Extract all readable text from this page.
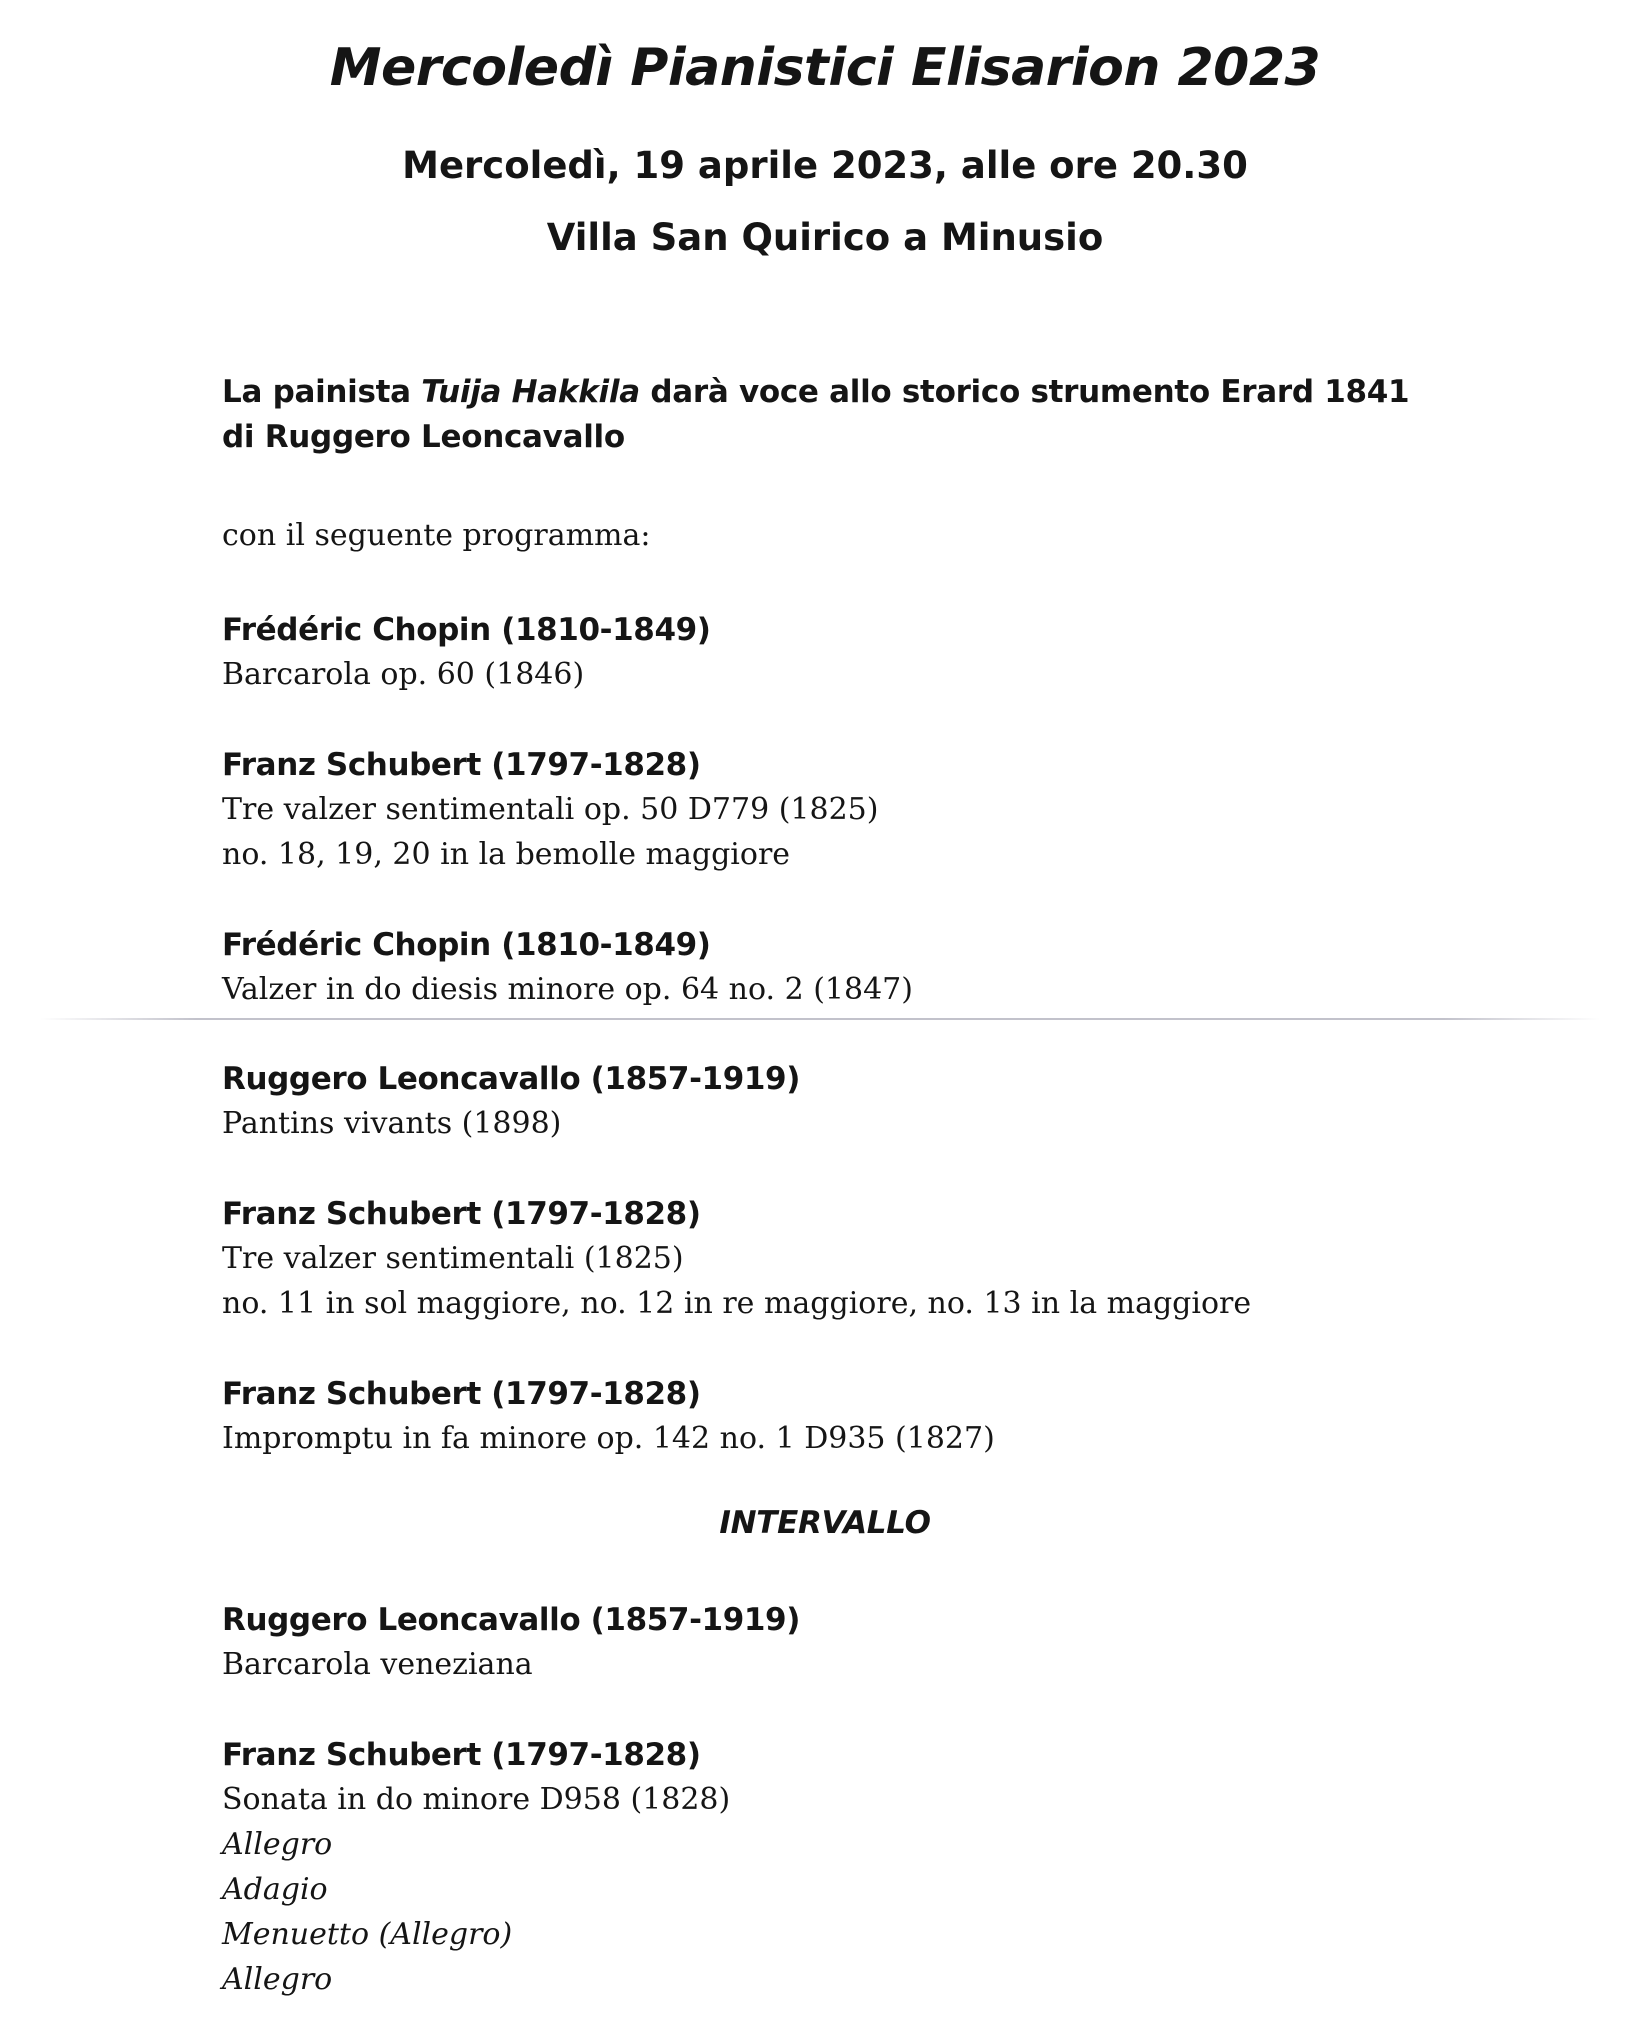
Mercoledì Pianistici Elisarion 2023
Mercoledì, 19 aprile 2023, alle ore 20.30
Villa San Quirico a Minusio
La painista Tuija Hakkila darà voce allo storico strumento Erard 1841
di Ruggero Leoncavallo
con il seguente programma:
Frédéric Chopin (1810-1849)
Barcarola op. 60 (1846)
Franz Schubert (1797-1828)
Tre valzer sentimentali op. 50 D779 (1825)
no. 18, 19, 20 in la bemolle maggiore
Frédéric Chopin (1810-1849)
Valzer in do diesis minore op. 64 no. 2 (1847)
Ruggero Leoncavallo (1857-1919)
Pantins vivants (1898)
Franz Schubert (1797-1828)
Tre valzer sentimentali (1825)
no. 11 in sol maggiore, no. 12 in re maggiore, no. 13 in la maggiore
Franz Schubert (1797-1828)
Impromptu in fa minore op. 142 no. 1 D935 (1827)
INTERVALLO
Ruggero Leoncavallo (1857-1919)
Barcarola veneziana
Franz Schubert (1797-1828)
Sonata in do minore D958 (1828)
Allegro
Adagio
Menuetto (Allegro)
Allegro
